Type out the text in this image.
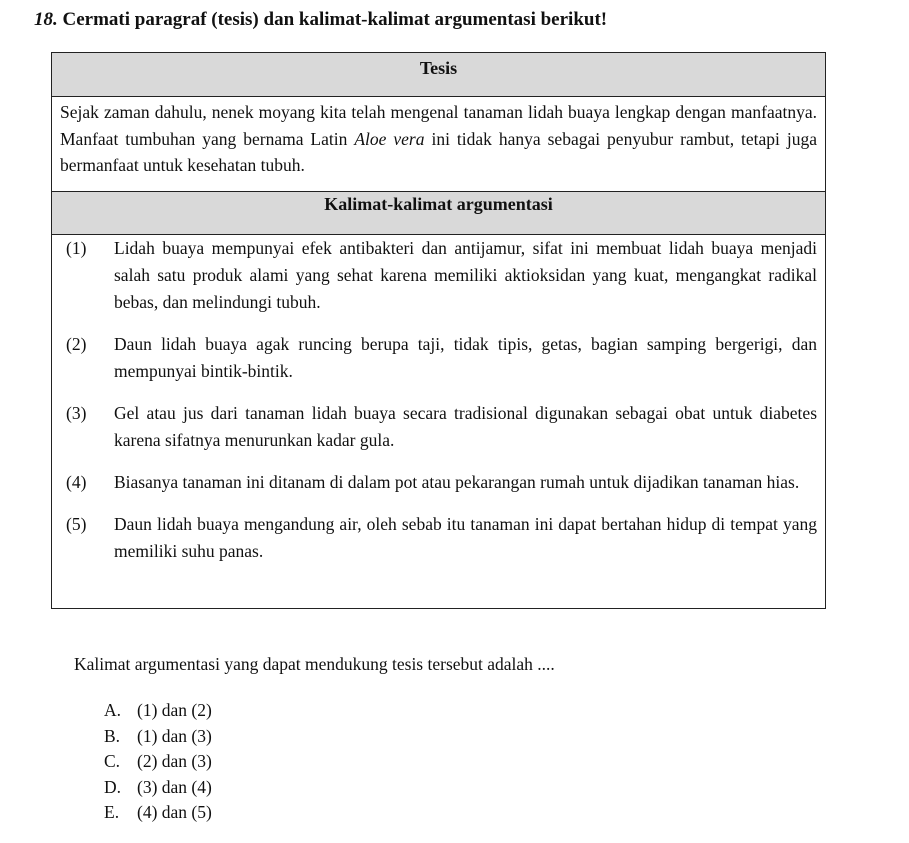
18. Cermati paragraf (tesis) dan kalimat-kalimat argumentasi berikut!
Tesis
Sejak zaman dahulu, nenek moyang kita telah mengenal tanaman lidah buaya lengkap dengan manfaatnya. Manfaat tumbuhan yang bernama Latin Aloe vera ini tidak hanya sebagai penyubur rambut, tetapi juga bermanfaat untuk kesehatan tubuh.
Kalimat-kalimat argumentasi
(1)	Lidah buaya mempunyai efek antibakteri dan antijamur, sifat ini membuat lidah buaya menjadi salah satu produk alami yang sehat karena memiliki aktioksidan yang kuat, mengangkat radikal bebas, dan melindungi tubuh.
(2)	Daun lidah buaya agak runcing berupa taji, tidak tipis, getas, bagian samping bergerigi, dan mempunyai bintik-bintik.
(3)	Gel atau jus dari tanaman lidah buaya secara tradisional digunakan sebagai obat untuk diabetes karena sifatnya menurunkan kadar gula.
(4)	Biasanya tanaman ini ditanam di dalam pot atau pekarangan rumah untuk dijadikan tanaman hias.
(5)	Daun lidah buaya mengandung air, oleh sebab itu tanaman ini dapat bertahan hidup di tempat yang memiliki suhu panas.
Kalimat argumentasi yang dapat mendukung tesis tersebut adalah ....
A. (1) dan (2)
B. (1) dan (3)
C. (2) dan (3)
D. (3) dan (4)
E.	(4) dan (5)
